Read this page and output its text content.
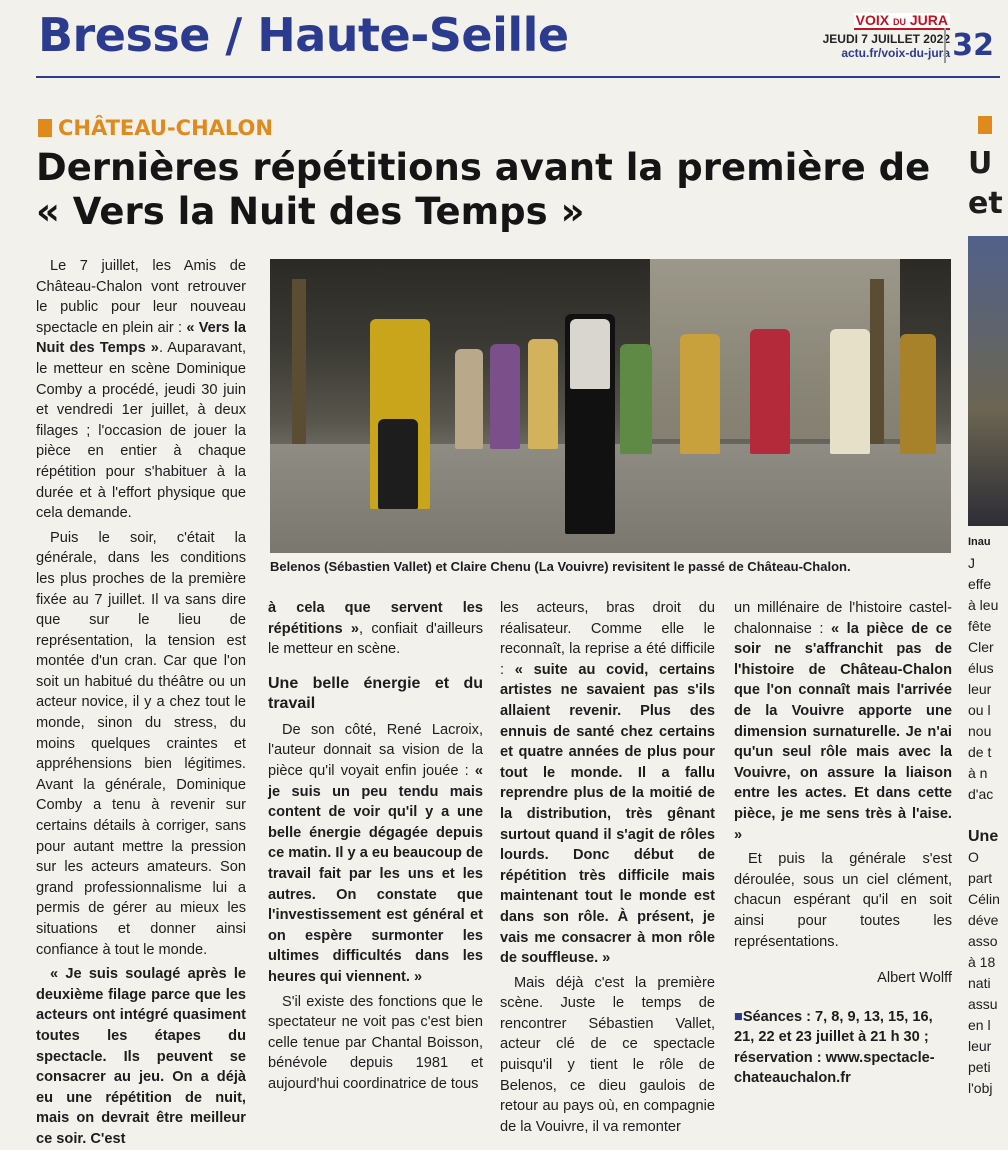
Bresse / Haute-Seille	VOIX DU JURA
JEUDI 7 JUILLET 2022
actu.fr/voix-du-jura 32
CHÂTEAU-CHALON
Dernières répétitions avant la première de « Vers la Nuit des Temps »

Le 7 juillet, les Amis de Château-Chalon vont retrouver le public pour leur nouveau spectacle en plein air : « Vers la Nuit des Temps ». Auparavant, le metteur en scène Dominique Comby a procédé, jeudi 30 juin et vendredi 1er juillet, à deux filages ; l'occasion de jouer la pièce en entier à chaque répétition pour s'habituer à la durée et à l'effort physique que cela demande.

Puis le soir, c'était la générale, dans les conditions les plus proches de la première fixée au 7 juillet. Il va sans dire que sur le lieu de représentation, la tension est montée d'un cran. Car que l'on soit un habitué du théâtre ou un acteur novice, il y a chez tout le monde, sinon du stress, du moins quelques craintes et appréhensions bien légitimes. Avant la générale, Dominique Comby a tenu à revenir sur certains détails à corriger, sans pour autant mettre la pression sur les acteurs amateurs. Son grand professionnalisme lui a permis de gérer au mieux les situations et donner ainsi confiance à tout le monde.

« Je suis soulagé après le deuxième filage parce que les acteurs ont intégré quasiment toutes les étapes du spectacle. Ils peuvent se consacrer au jeu. On a déjà eu une répétition de nuit, mais on devrait être meilleur ce soir. C'est

Belenos (Sébastien Vallet) et Claire Chenu (La Vouivre) revisitent le passé de Château-Chalon.

à cela que servent les répétitions », confiait d'ailleurs le metteur en scène.

Une belle énergie et du travail

De son côté, René Lacroix, l'auteur donnait sa vision de la pièce qu'il voyait enfin jouée : « je suis un peu tendu mais content de voir qu'il y a une belle énergie dégagée depuis ce matin. Il y a eu beaucoup de travail fait par les uns et les autres. On constate que l'investissement est général et on espère surmonter les ultimes difficultés dans les heures qui viennent. »

S'il existe des fonctions que le spectateur ne voit pas c'est bien celle tenue par Chantal Boisson, bénévole depuis 1981 et aujourd'hui coordinatrice de tous

les acteurs, bras droit du réalisateur. Comme elle le reconnaît, la reprise a été difficile : « suite au covid, certains artistes ne savaient pas s'ils allaient revenir. Plus des ennuis de santé chez certains et quatre années de plus pour tout le monde. Il a fallu reprendre plus de la moitié de la distribution, très gênant surtout quand il s'agit de rôles lourds. Donc début de répétition très difficile mais maintenant tout le monde est dans son rôle. À présent, je vais me consacrer à mon rôle de souffleuse. »

Mais déjà c'est la première scène. Juste le temps de rencontrer Sébastien Vallet, acteur clé de ce spectacle puisqu'il y tient le rôle de Belenos, ce dieu gaulois de retour au pays où, en compagnie de la Vouivre, il va remonter

un millénaire de l'histoire castel-chalonnaise : « la pièce de ce soir ne s'affranchit pas de l'histoire de Château-Chalon que l'on connaît mais l'arrivée de la Vouivre apporte une dimension surnaturelle. Je n'ai qu'un seul rôle mais avec la Vouivre, on assure la liaison entre les actes. Et dans cette pièce, je me sens très à l'aise. »

Et puis la générale s'est déroulée, sous un ciel clément, chacun espérant qu'il en soit ainsi pour toutes les représentations.

Albert Wolff

■Séances : 7, 8, 9, 13, 15, 16, 21, 22 et 23 juillet à 21 h 30 ; réservation : www.spectacle-chateauchalon.fr

U
et
Inau
J
effe
à leu
fête
Cler
élus
leur
ou l
nou
de t
à n
d'ac

Une
O
part
Célin
déve
asso
à 18
nati
assu
en l
leur
peti
l'obj
